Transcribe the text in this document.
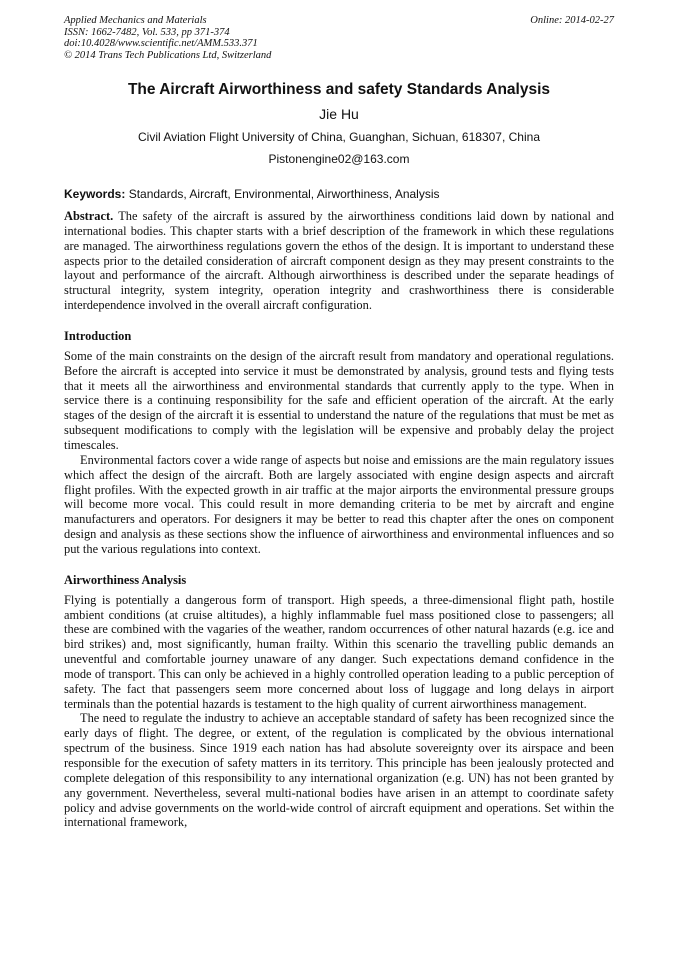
Applied Mechanics and Materials
ISSN: 1662-7482, Vol. 533, pp 371-374
doi:10.4028/www.scientific.net/AMM.533.371
© 2014 Trans Tech Publications Ltd, Switzerland
Online: 2014-02-27
The Aircraft Airworthiness and safety Standards Analysis
Jie Hu
Civil Aviation Flight University of China, Guanghan, Sichuan, 618307, China
Pistonengine02@163.com
Keywords: Standards, Aircraft, Environmental, Airworthiness, Analysis

Abstract. The safety of the aircraft is assured by the airworthiness conditions laid down by national and international bodies. This chapter starts with a brief description of the framework in which these regulations are managed. The airworthiness regulations govern the ethos of the design. It is important to understand these aspects prior to the detailed consideration of aircraft component design as they may present constraints to the layout and performance of the aircraft. Although airworthiness is described under the separate headings of structural integrity, system integrity, operation integrity and crashworthiness there is considerable interdependence involved in the overall aircraft configuration.

Introduction

Some of the main constraints on the design of the aircraft result from mandatory and operational regulations. Before the aircraft is accepted into service it must be demonstrated by analysis, ground tests and flying tests that it meets all the airworthiness and environmental standards that currently apply to the type. When in service there is a continuing responsibility for the safe and efficient operation of the aircraft. At the early stages of the design of the aircraft it is essential to understand the nature of the regulations that must be met as subsequent modifications to comply with the legislation will be expensive and probably delay the project timescales.

Environmental factors cover a wide range of aspects but noise and emissions are the main regulatory issues which affect the design of the aircraft. Both are largely associated with engine design aspects and aircraft flight profiles. With the expected growth in air traffic at the major airports the environmental pressure groups will become more vocal. This could result in more demanding criteria to be met by aircraft and engine manufacturers and operators. For designers it may be better to read this chapter after the ones on component design and analysis as these sections show the influence of airworthiness and environmental influences and so put the various regulations into context.

Airworthiness Analysis

Flying is potentially a dangerous form of transport. High speeds, a three-dimensional flight path, hostile ambient conditions (at cruise altitudes), a highly inflammable fuel mass positioned close to passengers; all these are combined with the vagaries of the weather, random occurrences of other natural hazards (e.g. ice and bird strikes) and, most significantly, human frailty. Within this scenario the travelling public demands an uneventful and comfortable journey unaware of any danger. Such expectations demand confidence in the mode of transport. This can only be achieved in a highly controlled operation leading to a public perception of safety. The fact that passengers seem more concerned about loss of luggage and long delays in airport terminals than the potential hazards is testament to the high quality of current airworthiness management.

The need to regulate the industry to achieve an acceptable standard of safety has been recognized since the early days of flight. The degree, or extent, of the regulation is complicated by the obvious international spectrum of the business. Since 1919 each nation has had absolute sovereignty over its airspace and been responsible for the execution of safety matters in its territory. This principle has been jealously protected and complete delegation of this responsibility to any international organization (e.g. UN) has not been granted by any government. Nevertheless, several multi-national bodies have arisen in an attempt to coordinate safety policy and advise governments on the world-wide control of aircraft equipment and operations. Set within the international framework,
